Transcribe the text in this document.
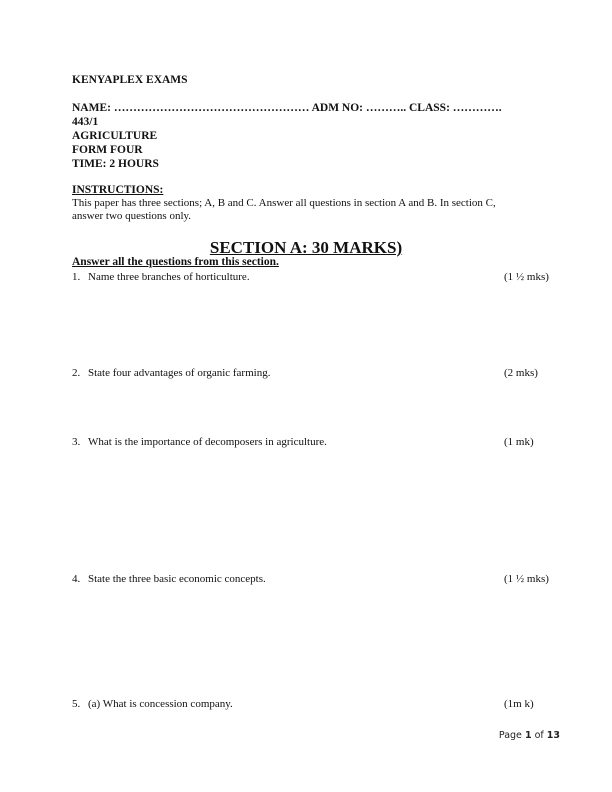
KENYAPLEX EXAMS
NAME: …………………………………………… ADM NO: ……….. CLASS: ………….
443/1
AGRICULTURE
FORM FOUR
TIME: 2 HOURS
INSTRUCTIONS:
This paper has three sections; A, B and C. Answer all questions in section A and B. In section C,
answer two questions only.
SECTION A: 30 MARKS)
Answer all the questions from this section.
1. Name three branches of horticulture.	(1 ½ mks)
2. State four advantages of organic farming.	(2 mks)
3. What is the importance of decomposers in agriculture.	(1 mk)
4. State the three basic economic concepts.	(1 ½ mks)
5. (a) What is concession company.	(1m k)
Page 1 of 13
